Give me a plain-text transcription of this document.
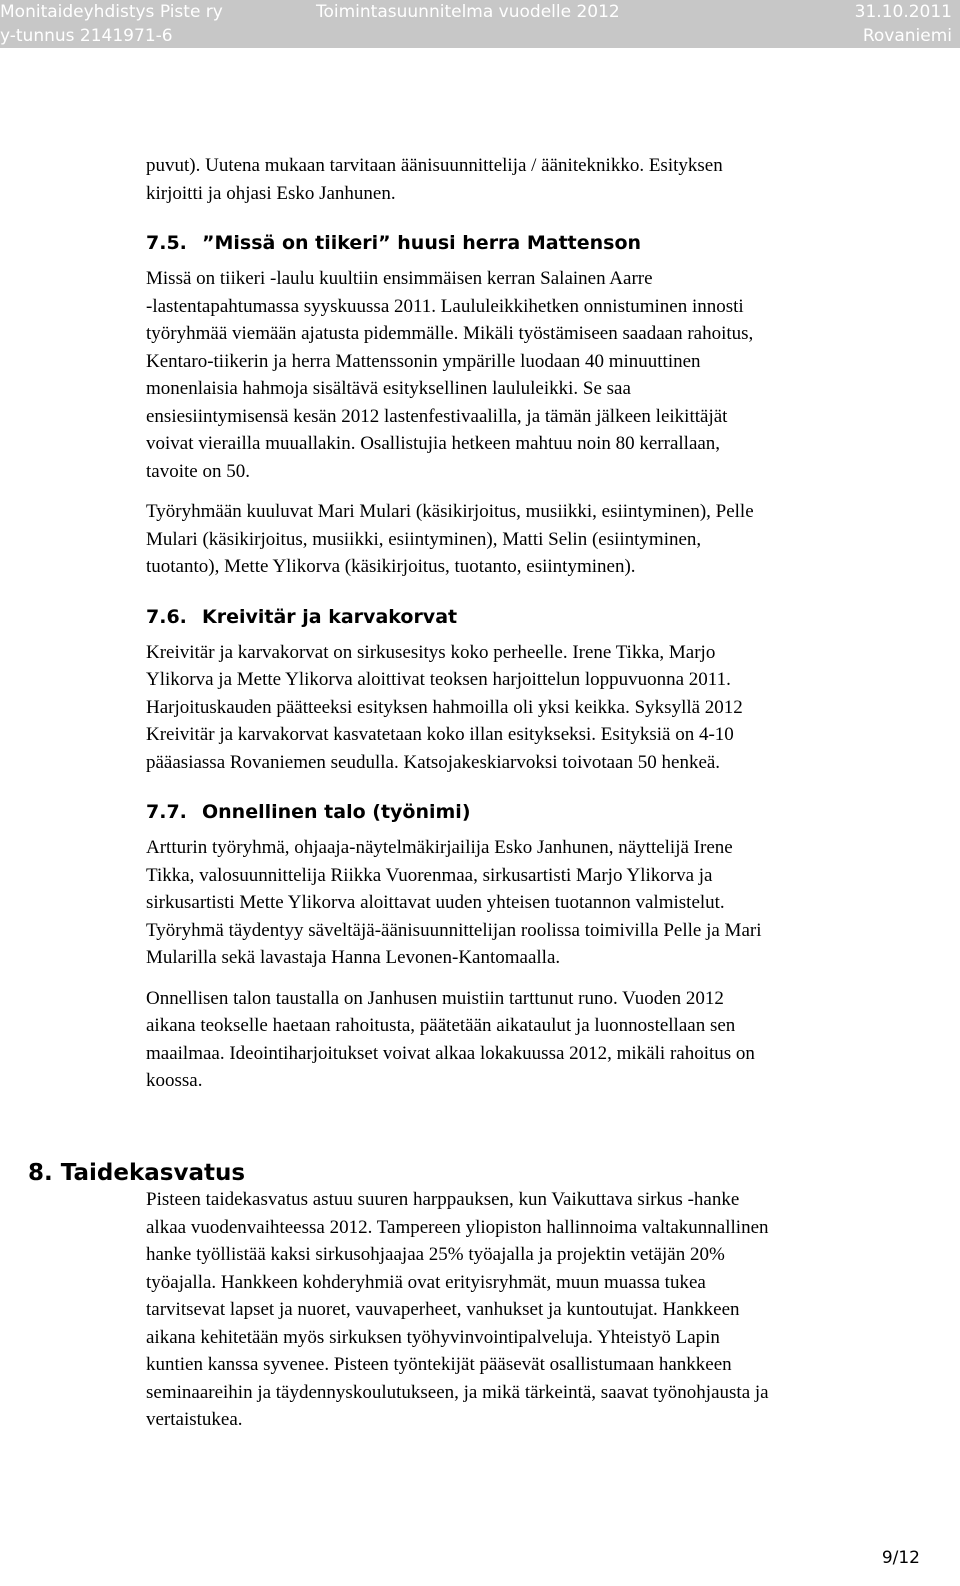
Monitaideyhdistys Piste ry	Toimintasuunnitelma vuodelle 2012	31.10.2011
y-tunnus 2141971-6	Rovaniemi
puvut). Uutena mukaan tarvitaan äänisuunnittelija / ääniteknikko. Esityksen
kirjoitti ja ohjasi Esko Janhunen.
7.5. ”Missä on tiikeri” huusi herra Mattenson
Missä on tiikeri -laulu kuultiin ensimmäisen kerran Salainen Aarre
-lastentapahtumassa syyskuussa 2011. Laululeikkihetken onnistuminen innosti
työryhmää viemään ajatusta pidemmälle. Mikäli työstämiseen saadaan rahoitus,
Kentaro-tiikerin ja herra Mattenssonin ympärille luodaan 40 minuuttinen
monenlaisia hahmoja sisältävä esityksellinen laululeikki. Se saa
ensiesiintymisensä kesän 2012 lastenfestivaalilla, ja tämän jälkeen leikittäjät
voivat vierailla muuallakin. Osallistujia hetkeen mahtuu noin 80 kerrallaan,
tavoite on 50.
Työryhmään kuuluvat Mari Mulari (käsikirjoitus, musiikki, esiintyminen), Pelle
Mulari (käsikirjoitus, musiikki, esiintyminen), Matti Selin (esiintyminen,
tuotanto), Mette Ylikorva (käsikirjoitus, tuotanto, esiintyminen).
7.6. Kreivitär ja karvakorvat
Kreivitär ja karvakorvat on sirkusesitys koko perheelle. Irene Tikka, Marjo
Ylikorva ja Mette Ylikorva aloittivat teoksen harjoittelun loppuvuonna 2011.
Harjoituskauden päätteeksi esityksen hahmoilla oli yksi keikka. Syksyllä 2012
Kreivitär ja karvakorvat kasvatetaan koko illan esitykseksi. Esityksiä on 4-10
pääasiassa Rovaniemen seudulla. Katsojakeskiarvoksi toivotaan 50 henkeä.
7.7. Onnellinen talo (työnimi)
Artturin työryhmä, ohjaaja-näytelmäkirjailija Esko Janhunen, näyttelijä Irene
Tikka, valosuunnittelija Riikka Vuorenmaa, sirkusartisti Marjo Ylikorva ja
sirkusartisti Mette Ylikorva aloittavat uuden yhteisen tuotannon valmistelut.
Työryhmä täydentyy säveltäjä-äänisuunnittelijan roolissa toimivilla Pelle ja Mari
Mularilla sekä lavastaja Hanna Levonen-Kantomaalla.
Onnellisen talon taustalla on Janhusen muistiin tarttunut runo. Vuoden 2012
aikana teokselle haetaan rahoitusta, päätetään aikataulut ja luonnostellaan sen
maailmaa. Ideointiharjoitukset voivat alkaa lokakuussa 2012, mikäli rahoitus on
koossa.
8. Taidekasvatus
Pisteen taidekasvatus astuu suuren harppauksen, kun Vaikuttava sirkus -hanke
alkaa vuodenvaihteessa 2012. Tampereen yliopiston hallinnoima valtakunnallinen
hanke työllistää kaksi sirkusohjaajaa 25% työajalla ja projektin vetäjän 20%
työajalla. Hankkeen kohderyhmiä ovat erityisryhmät, muun muassa tukea
tarvitsevat lapset ja nuoret, vauvaperheet, vanhukset ja kuntoutujat. Hankkeen
aikana kehitetään myös sirkuksen työhyvinvointipalveluja. Yhteistyö Lapin
kuntien kanssa syvenee. Pisteen työntekijät pääsevät osallistumaan hankkeen
seminaareihin ja täydennyskoulutukseen, ja mikä tärkeintä, saavat työnohjausta ja
vertaistukea.
9/12
